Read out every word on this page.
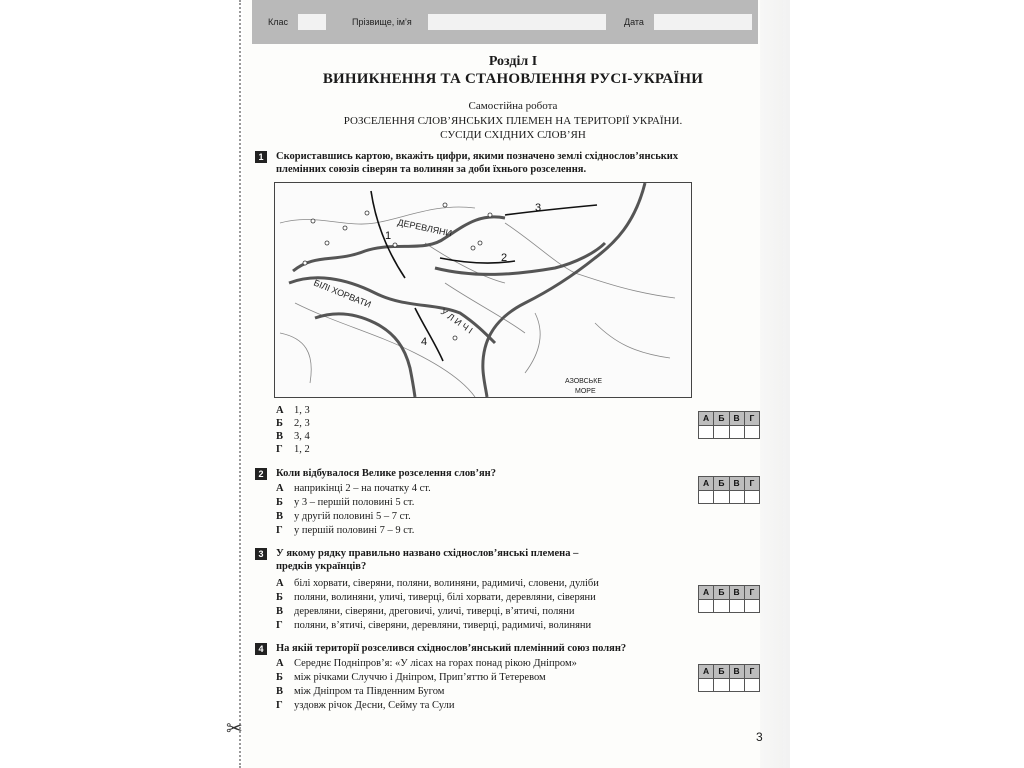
Клас	Прізвище, ім’я	Дата
Розділ І
ВИНИКНЕННЯ ТА СТАНОВЛЕННЯ РУСІ-УКРАЇНИ
Самостійна робота
РОЗСЕЛЕННЯ СЛОВ’ЯНСЬКИХ ПЛЕМЕН НА ТЕРИТОРІЇ УКРАЇНИ.
СУСІДИ СХІДНИХ СЛОВ’ЯН
1	Скориставшись картою, вкажіть цифри, якими позначено землі східнослов’янських
племінних союзів сіверян та волинян за доби їхнього розселення.
ДЕРЕВЛЯНИ
БІЛІ ХОРВАТИ
У Л И Ч І
АЗОВСЬКЕ
МОРЕ
1
2
3
4
А 1, 3
Б 2, 3
В 3, 4
Г 1, 2
А	Б	В	Г
2	Коли відбувалося Велике розселення слов’ян?
А наприкінці 2 – на початку 4 ст.
Б у 3 – першій половині 5 ст.
В у другій половині 5 – 7 ст.
Г у першій половині 7 – 9 ст.
А	Б	В	Г
3	У якому рядку правильно названо східнослов’янські племена –
предків українців?
А білі хорвати, сіверяни, поляни, волиняни, радимичі, словени, дуліби
Б поляни, волиняни, уличі, тиверці, білі хорвати, деревляни, сіверяни
В деревляни, сіверяни, дреговичі, уличі, тиверці, в’ятичі, поляни
Г поляни, в’ятичі, сіверяни, деревляни, тиверці, радимичі, волиняни
А	Б	В	Г
4	На якій території розселився східнослов’янський племінний союз полян?
А Середнє Подніпров’я: «У лісах на горах понад рікою Дніпром»
Б між річками Случчю і Дніпром, Прип’яттю й Тетеревом
В між Дніпром та Південним Бугом
Г уздовж річок Десни, Сейму та Сули
А	Б	В	Г
3
✂
